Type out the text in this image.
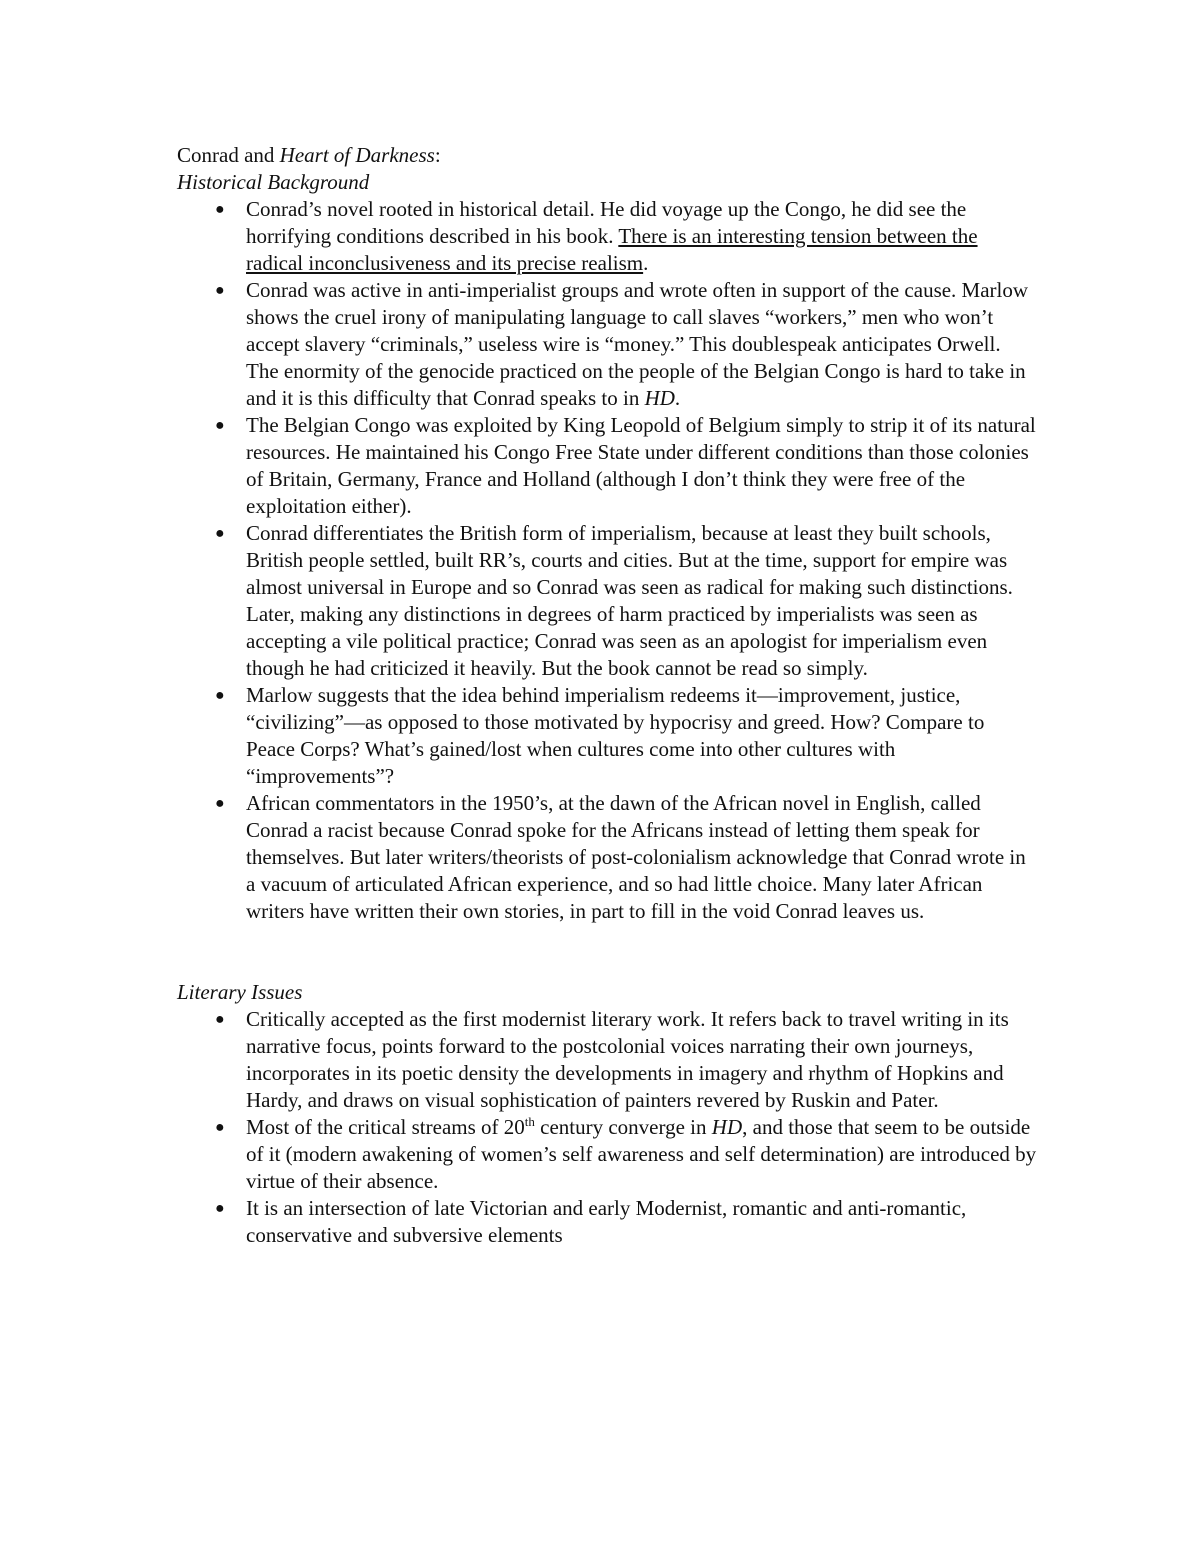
Conrad and Heart of Darkness:

Historical Background
● Conrad’s novel rooted in historical detail. He did voyage up the Congo, he did see the horrifying conditions described in his book. There is an interesting tension between the radical inconclusiveness and its precise realism.
● Conrad was active in anti-imperialist groups and wrote often in support of the cause. Marlow shows the cruel irony of manipulating language to call slaves “workers,” men who won’t accept slavery “criminals,” useless wire is “money.” This doublespeak anticipates Orwell. The enormity of the genocide practiced on the people of the Belgian Congo is hard to take in and it is this difficulty that Conrad speaks to in HD.
● The Belgian Congo was exploited by King Leopold of Belgium simply to strip it of its natural resources. He maintained his Congo Free State under different conditions than those colonies of Britain, Germany, France and Holland (although I don’t think they were free of the exploitation either).
● Conrad differentiates the British form of imperialism, because at least they built schools, British people settled, built RR’s, courts and cities. But at the time, support for empire was almost universal in Europe and so Conrad was seen as radical for making such distinctions. Later, making any distinctions in degrees of harm practiced by imperialists was seen as accepting a vile political practice; Conrad was seen as an apologist for imperialism even though he had criticized it heavily. But the book cannot be read so simply.
● Marlow suggests that the idea behind imperialism redeems it—improvement, justice, “civilizing”—as opposed to those motivated by hypocrisy and greed. How? Compare to Peace Corps? What’s gained/lost when cultures come into other cultures with “improvements”?
● African commentators in the 1950’s, at the dawn of the African novel in English, called Conrad a racist because Conrad spoke for the Africans instead of letting them speak for themselves. But later writers/theorists of post-colonialism acknowledge that Conrad wrote in a vacuum of articulated African experience, and so had little choice. Many later African writers have written their own stories, in part to fill in the void Conrad leaves us.
Literary Issues
● Critically accepted as the first modernist literary work. It refers back to travel writing in its narrative focus, points forward to the postcolonial voices narrating their own journeys, incorporates in its poetic density the developments in imagery and rhythm of Hopkins and Hardy, and draws on visual sophistication of painters revered by Ruskin and Pater.
● Most of the critical streams of 20th century converge in HD, and those that seem to be outside of it (modern awakening of women’s self awareness and self determination) are introduced by virtue of their absence.
● It is an intersection of late Victorian and early Modernist, romantic and anti-romantic, conservative and subversive elements
